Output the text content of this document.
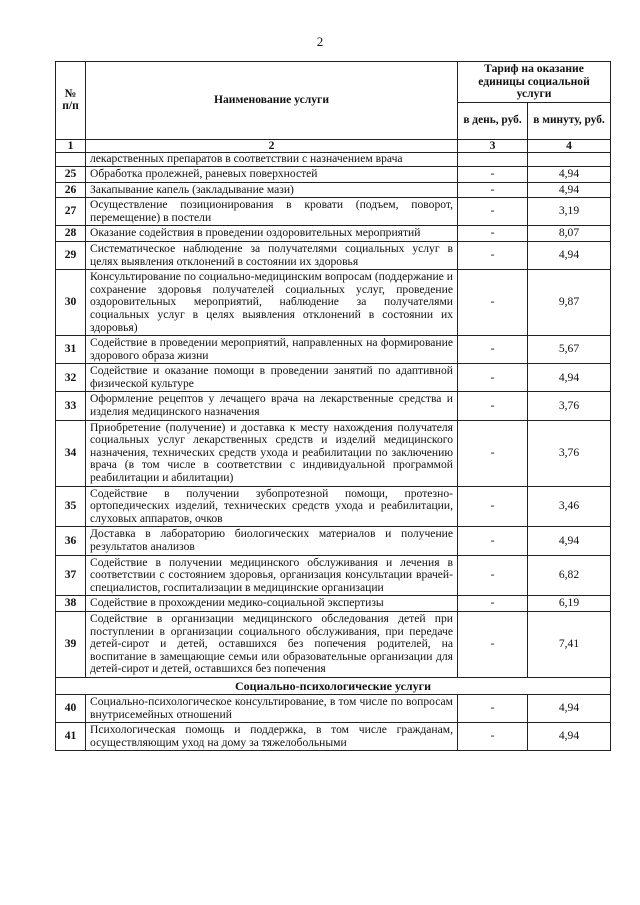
2
№ п/п	Наименование услуги	Тариф на оказание единицы социальной услуги	
		в день, руб.	в минуту, руб.
1	2	3	4
	лекарственных препаратов в соответствии с назначением врача		
25	Обработка пролежней, раневых поверхностей	-	4,94
26	Закапывание капель (закладывание мази)	-	4,94
27	Осуществление позиционирования в кровати (подъем, поворот, перемещение) в постели	-	3,19
28	Оказание содействия в проведении оздоровительных мероприятий	-	8,07
29	Систематическое наблюдение за получателями социальных услуг в целях выявления отклонений в состоянии их здоровья	-	4,94
30	Консультирование по социально-медицинским вопросам (поддержание и сохранение здоровья получателей социальных услуг, проведение оздоровительных мероприятий, наблюдение за получателями социальных услуг в целях выявления отклонений в состоянии их здоровья)	-	9,87
31	Содействие в проведении мероприятий, направленных на формирование здорового образа жизни	-	5,67
32	Содействие и оказание помощи в проведении занятий по адаптивной физической культуре	-	4,94
33	Оформление рецептов у лечащего врача на лекарственные средства и изделия медицинского назначения	-	3,76
34	Приобретение (получение) и доставка к месту нахождения получателя социальных услуг лекарственных средств и изделий медицинского назначения, технических средств ухода и реабилитации по заключению врача (в том числе в соответствии с индивидуальной программой реабилитации и абилитации)	-	3,76
35	Содействие в получении зубопротезной помощи, протезно-ортопедических изделий, технических средств ухода и реабилитации, слуховых аппаратов, очков	-	3,46
36	Доставка в лабораторию биологических материалов и получение результатов анализов	-	4,94
37	Содействие в получении медицинского обслуживания и лечения в соответствии с состоянием здоровья, организация консультации врачей-специалистов, госпитализации в медицинские организации	-	6,82
38	Содействие в прохождении медико-социальной экспертизы	-	6,19
39	Содействие в организации медицинского обследования детей при поступлении в организации социального обслуживания, при передаче детей-сирот и детей, оставшихся без попечения родителей, на воспитание в замещающие семьи или образовательные организации для детей-сирот и детей, оставшихся без попечения	-	7,41
Социально-психологические услуги			
40	Социально-психологическое консультирование, в том числе по вопросам внутрисемейных отношений	-	4,94
41	Психологическая помощь и поддержка, в том числе гражданам, осуществляющим уход на дому за тяжелобольными	-	4,94
